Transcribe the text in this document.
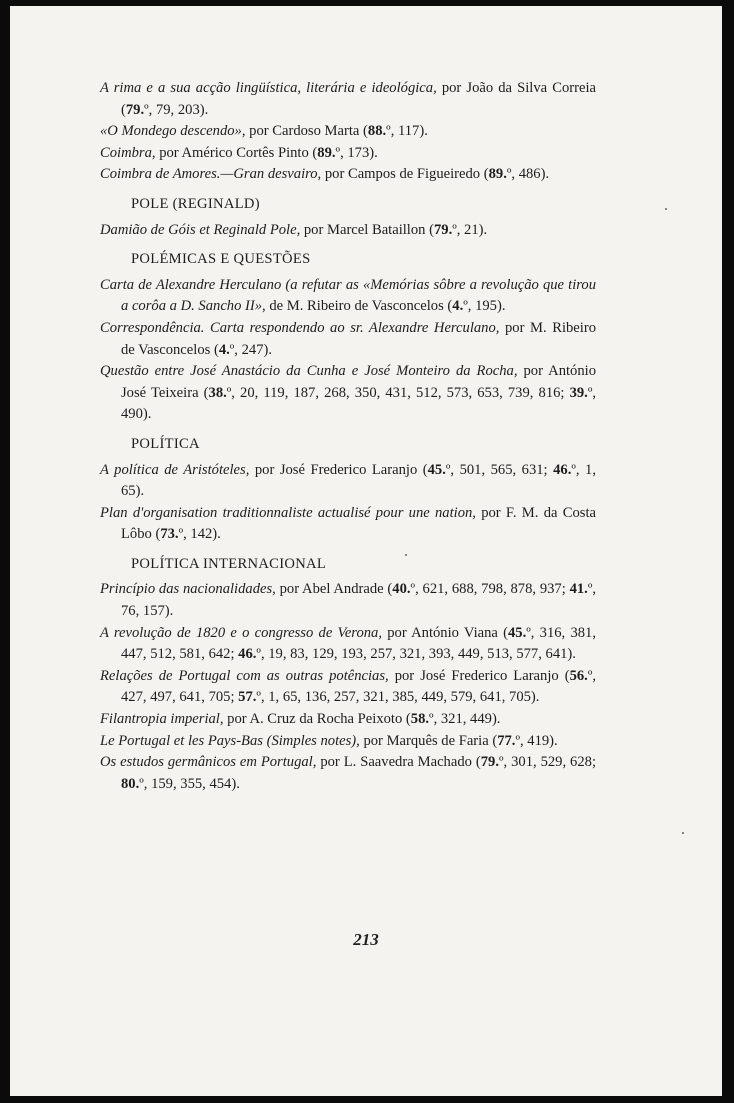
A rima e a sua acção lingüística, literária e ideológica, por João da Silva Correia (79.º, 79, 203).

«O Mondego descendo», por Cardoso Marta (88.º, 117).

Coimbra, por Américo Cortês Pinto (89.º, 173).

Coimbra de Amores.—Gran desvairo, por Campos de Figueiredo (89.º, 486).

POLE (REGINALD)

Damião de Góis et Reginald Pole, por Marcel Bataillon (79.º, 21).

POLÉMICAS E QUESTÕES

Carta de Alexandre Herculano (a refutar as «Memórias sôbre a revolução que tirou a corôa a D. Sancho II», de M. Ribeiro de Vasconcelos (4.º, 195).

Correspondência. Carta respondendo ao sr. Alexandre Herculano, por M. Ribeiro de Vasconcelos (4.º, 247).

Questão entre José Anastácio da Cunha e José Monteiro da Rocha, por António José Teixeira (38.º, 20, 119, 187, 268, 350, 431, 512, 573, 653, 739, 816; 39.º, 490).

POLÍTICA

A política de Aristóteles, por José Frederico Laranjo (45.º, 501, 565, 631; 46.º, 1, 65).

Plan d'organisation traditionnaliste actualisé pour une nation, por F. M. da Costa Lôbo (73.º, 142).

POLÍTICA INTERNACIONAL

Princípio das nacionalidades, por Abel Andrade (40.º, 621, 688, 798, 878, 937; 41.º, 76, 157).

A revolução de 1820 e o congresso de Verona, por António Viana (45.º, 316, 381, 447, 512, 581, 642; 46.º, 19, 83, 129, 193, 257, 321, 393, 449, 513, 577, 641).

Relações de Portugal com as outras potências, por José Frederico Laranjo (56.º, 427, 497, 641, 705; 57.º, 1, 65, 136, 257, 321, 385, 449, 579, 641, 705).

Filantropia imperial, por A. Cruz da Rocha Peixoto (58.º, 321, 449).

Le Portugal et les Pays-Bas (Simples notes), por Marquês de Faria (77.º, 419).

Os estudos germânicos em Portugal, por L. Saavedra Machado (79.º, 301, 529, 628; 80.º, 159, 355, 454).

213
